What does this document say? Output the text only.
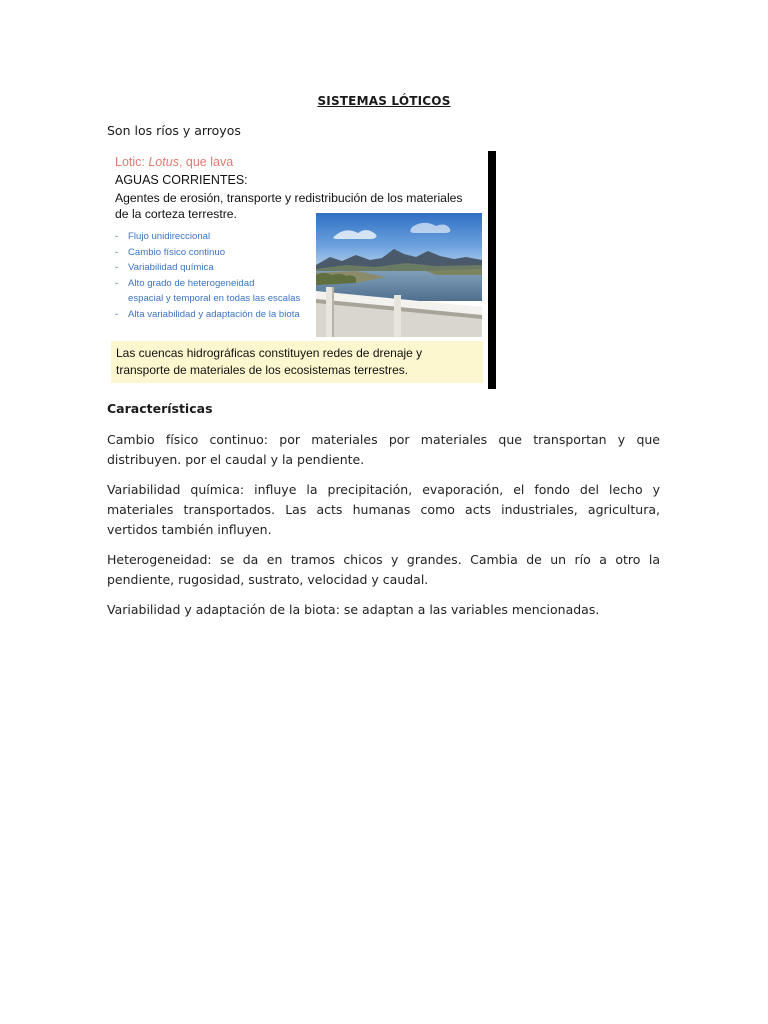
SISTEMAS LÓTICOS
Son los ríos y arroyos
Lotic: Lotus, que lava
AGUAS CORRIENTES:
Agentes de erosión, transporte y redistribución de los materiales de la corteza terrestre.
- Flujo unidireccional
- Cambio físico continuo
- Variabilidad química
- Alto grado de heterogeneidad
espacial y temporal en todas las escalas
- Alta variabilidad y adaptación de la biota
Las cuencas hidrográficas constituyen redes de drenaje y transporte de materiales de los ecosistemas terrestres.
Características
Cambio físico continuo: por materiales por materiales que transportan y que distribuyen. por el caudal y la pendiente.
Variabilidad química: influye la precipitación, evaporación, el fondo del lecho y materiales transportados. Las acts humanas como acts industriales, agricultura, vertidos también influyen.
Heterogeneidad: se da en tramos chicos y grandes. Cambia de un río a otro la pendiente, rugosidad, sustrato, velocidad y caudal.
Variabilidad y adaptación de la biota: se adaptan a las variables mencionadas.
